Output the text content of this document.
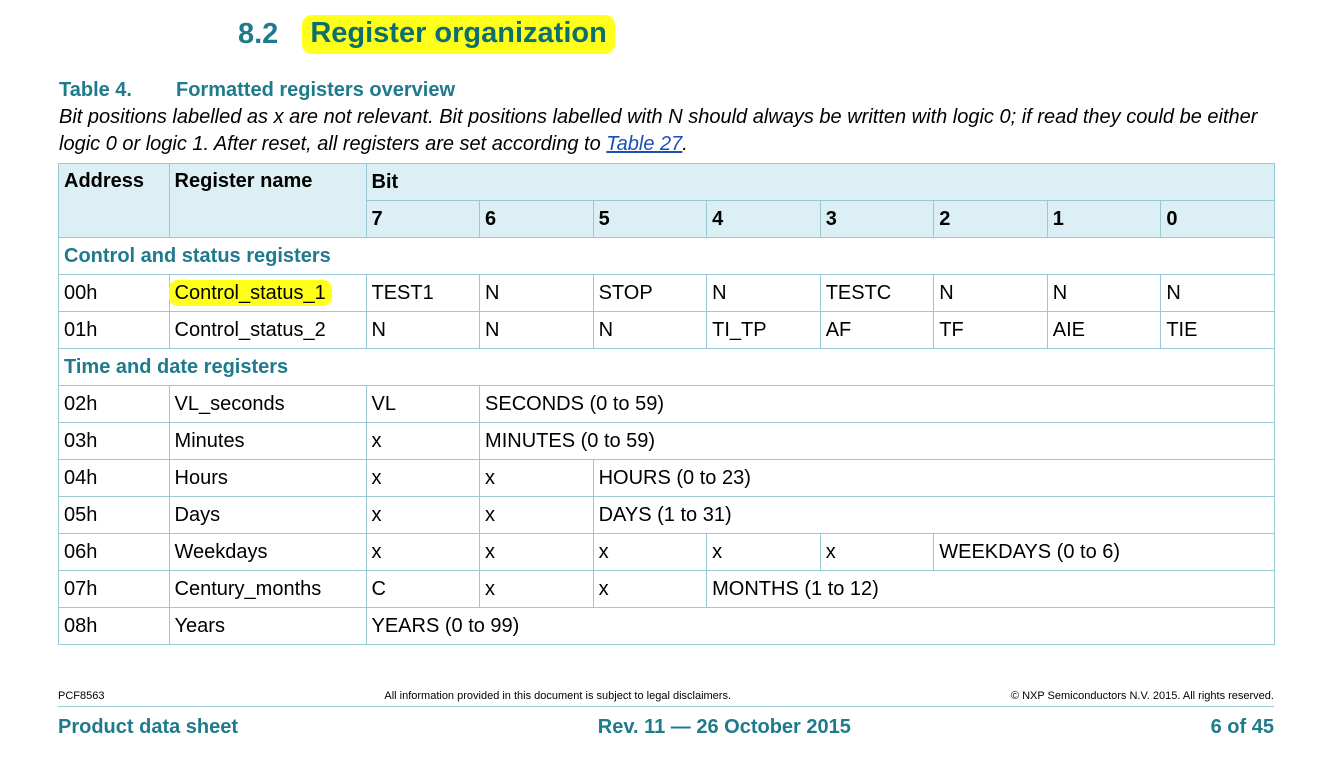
8.2 Register organization
Table 4. Formatted registers overview
Bit positions labelled as x are not relevant. Bit positions labelled with N should always be written with logic 0; if read they could be either logic 0 or logic 1. After reset, all registers are set according to Table 27.
Address	Register name	Bit							
		7	6	5	4	3	2	1	0
Control and status registers									
00h	Control_status_1	TEST1	N	STOP	N	TESTC	N	N	N
01h	Control_status_2	N	N	N	TI_TP	AF	TF	AIE	TIE
Time and date registers									
02h	VL_seconds	VL	SECONDS (0 to 59)						
03h	Minutes	x	MINUTES (0 to 59)						
04h	Hours	x	x	HOURS (0 to 23)					
05h	Days	x	x	DAYS (1 to 31)					
06h	Weekdays	x	x	x	x	x	WEEKDAYS (0 to 6)		
07h	Century_months	C	x	x	MONTHS (1 to 12)				
08h	Years	YEARS (0 to 99)							
PCF8563	All information provided in this document is subject to legal disclaimers.	© NXP Semiconductors N.V. 2015. All rights reserved.
Product data sheet	Rev. 11 — 26 October 2015	6 of 45
